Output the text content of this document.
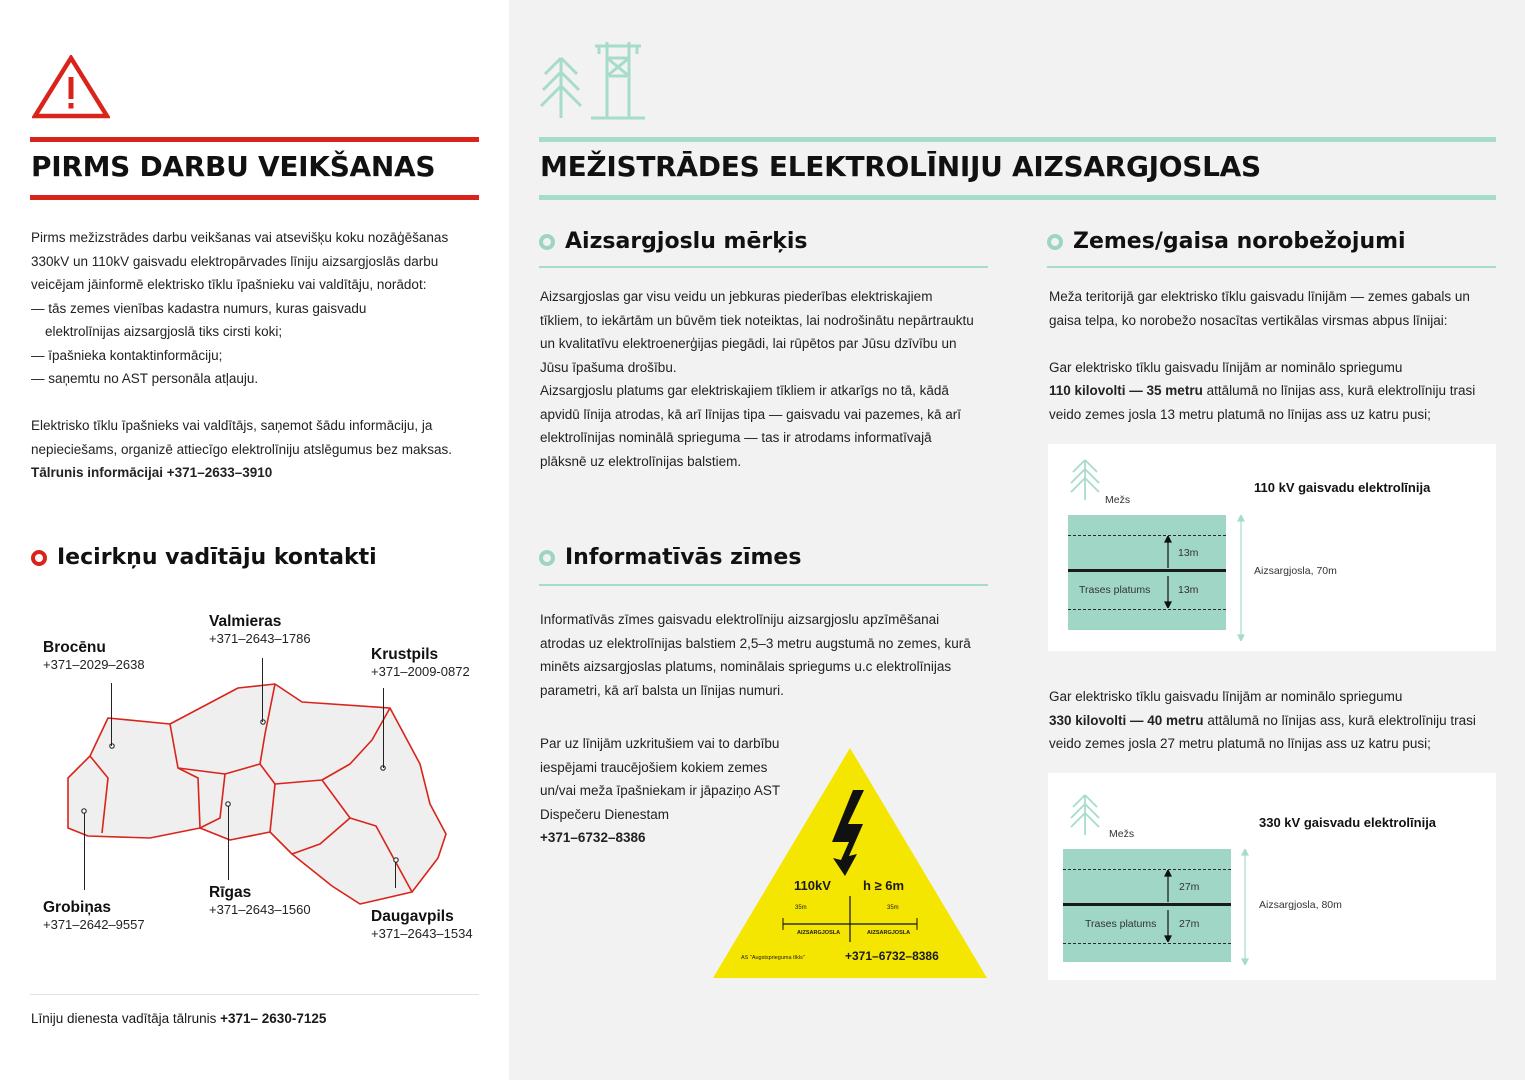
PIRMS DARBU VEIKŠANAS

Pirms mežizstrādes darbu veikšanas vai atsevišķu koku nozāģēšanas 330kV un 110kV gaisvadu elektropārvades līniju aizsargjoslās darbu veicējam jāinformē elektrisko tīklu īpašnieku vai valdītāju, norādot:

— tās zemes vienības kadastra numurs, kuras gaisvadu

elektrolīnijas aizsargjoslā tiks cirsti koki;

— īpašnieka kontaktinformāciju;

— saņemtu no AST personāla atļauju.

Elektrisko tīklu īpašnieks vai valdītājs, saņemot šādu informāciju, ja nepieciešams, organizē attiecīgo elektrolīniju atslēgumus bez maksas.

Tālrunis informācijai +371–2633–3910

Iecirkņu vadītāju kontakti
Brocēnu
+371–2029–2638
Valmieras
+371–2643–1786
Krustpils
+371–2009-0872
Grobiņas
+371–2642–9557
Rīgas
+371–2643–1560	Daugavpils
+371–2643–1534
Līniju dienesta vadītāja tālrunis +371– 2630-7125
MEŽISTRĀDES ELEKTROLĪNIJU AIZSARGJOSLAS
Aizsargjoslu mērķis

Aizsargjoslas gar visu veidu un jebkuras piederības elektriskajiem tīkliem, to iekārtām un būvēm tiek noteiktas, lai nodrošinātu nepārtrauktu un kvalitatīvu elektroenerģijas piegādi, lai rūpētos par Jūsu dzīvību un Jūsu īpašuma drošību.

Aizsargjoslu platums gar elektriskajiem tīkliem ir atkarīgs no tā, kādā apvidū līnija atrodas, kā arī līnijas tipa — gaisvadu vai pazemes, kā arī elektrolīnijas nominālā sprieguma — tas ir atrodams informatīvajā plāksnē uz elektrolīnijas balstiem.

Informatīvās zīmes

Informatīvās zīmes gaisvadu elektrolīniju aizsargjoslu apzīmēšanai atrodas uz elektrolīnijas balstiem 2,5–3 metru augstumā no zemes, kurā minēts aizsargjoslas platums, nominālais spriegums u.c elektrolīnijas parametri, kā arī balsta un līnijas numuri.

Par uz līnijām uzkritušiem vai to darbību iespējami traucējošiem kokiem zemes un/vai meža īpašniekam ir jāpaziņo AST Dispečeru Dienestam

+371–6732–8386

110kV h ≥ 6m
35m	35m
AIZSARGJOSLA	AIZSARGJOSLA
AS "Augstsprieguma tīkls"	+371–6732–8386
Zemes/gaisa norobežojumi

Meža teritorijā gar elektrisko tīklu gaisvadu līnijām — zemes gabals un gaisa telpa, ko norobežo nosacītas vertikālas virsmas abpus līnijai:

Gar elektrisko tīklu gaisvadu līnijām ar nominālo spriegumu

110 kilovolti — 35 metru attālumā no līnijas ass, kurā elektrolīniju trasi veido zemes josla 13 metru platumā no līnijas ass uz katru pusi;

Mežs
110 kV gaisvadu elektrolīnija
13m
13m
Trases platums
Aizsargjosla, 70m

Gar elektrisko tīklu gaisvadu līnijām ar nominālo spriegumu

330 kilovolti — 40 metru attālumā no līnijas ass, kurā elektrolīniju trasi veido zemes josla 27 metru platumā no līnijas ass uz katru pusi;

Mežs
330 kV gaisvadu elektrolīnija
27m
27m
Trases platums
Aizsargjosla, 80m
